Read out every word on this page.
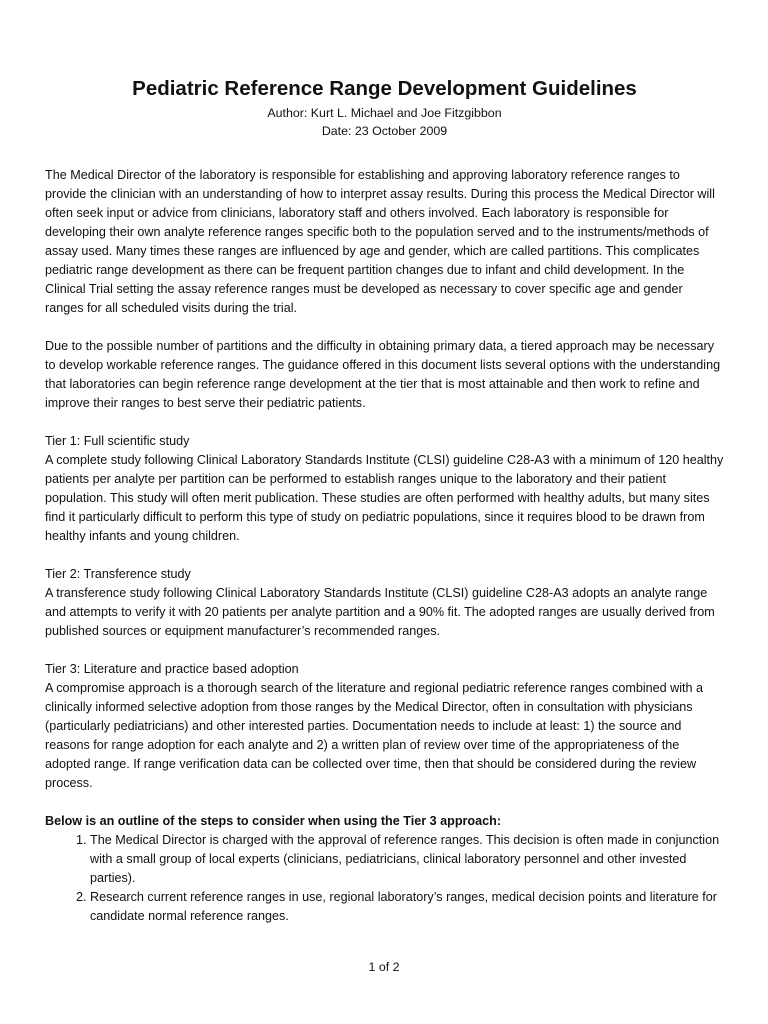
Pediatric Reference Range Development Guidelines

Author: Kurt L. Michael and Joe Fitzgibbon

Date: 23 October 2009

The Medical Director of the laboratory is responsible for establishing and approving laboratory reference ranges to provide the clinician with an understanding of how to interpret assay results. During this process the Medical Director will often seek input or advice from clinicians, laboratory staff and others involved. Each laboratory is responsible for developing their own analyte reference ranges specific both to the population served and to the instruments/methods of assay used. Many times these ranges are influenced by age and gender, which are called partitions. This complicates pediatric range development as there can be frequent partition changes due to infant and child development. In the Clinical Trial setting the assay reference ranges must be developed as necessary to cover specific age and gender ranges for all scheduled visits during the trial.

Due to the possible number of partitions and the difficulty in obtaining primary data, a tiered approach may be necessary to develop workable reference ranges. The guidance offered in this document lists several options with the understanding that laboratories can begin reference range development at the tier that is most attainable and then work to refine and improve their ranges to best serve their pediatric patients.

Tier 1: Full scientific study

A complete study following Clinical Laboratory Standards Institute (CLSI) guideline C28-A3 with a minimum of 120 healthy patients per analyte per partition can be performed to establish ranges unique to the laboratory and their patient population. This study will often merit publication. These studies are often performed with healthy adults, but many sites find it particularly difficult to perform this type of study on pediatric populations, since it requires blood to be drawn from healthy infants and young children.

Tier 2: Transference study

A transference study following Clinical Laboratory Standards Institute (CLSI) guideline C28-A3 adopts an analyte range and attempts to verify it with 20 patients per analyte partition and a 90% fit. The adopted ranges are usually derived from published sources or equipment manufacturer’s recommended ranges.

Tier 3: Literature and practice based adoption

A compromise approach is a thorough search of the literature and regional pediatric reference ranges combined with a clinically informed selective adoption from those ranges by the Medical Director, often in consultation with physicians (particularly pediatricians) and other interested parties. Documentation needs to include at least: 1) the source and reasons for range adoption for each analyte and 2) a written plan of review over time of the appropriateness of the adopted range. If range verification data can be collected over time, then that should be considered during the review process.

Below is an outline of the steps to consider when using the Tier 3 approach:

1. The Medical Director is charged with the approval of reference ranges. This decision is often made in conjunction with a small group of local experts (clinicians, pediatricians, clinical laboratory personnel and other invested parties).
2. Research current reference ranges in use, regional laboratory’s ranges, medical decision points and literature for candidate normal reference ranges.
1 of 2
